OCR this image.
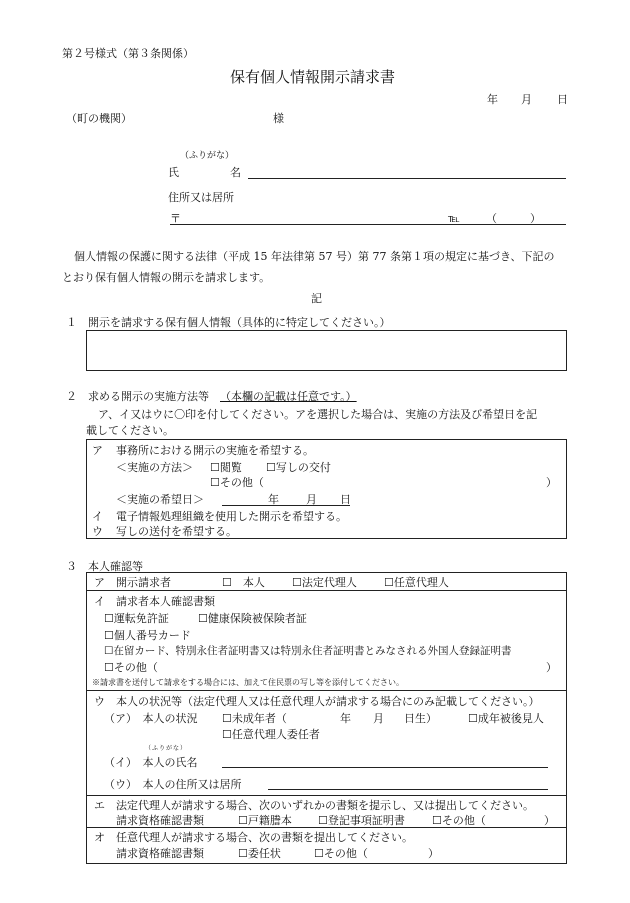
第２号様式（第３条関係）
保有個人情報開示請求書
年 月 日
（町の機関）	様
（ふりがな）
氏	名
住所又は居所
〒	℡ （	）
個人情報の保護に関する法律（平成 15 年法律第 57 号）第 77 条第１項の規定に基づき、下記の
とおり保有個人情報の開示を請求します。
記
１ 開示を請求する保有個人情報（具体的に特定してください。）
２ 求める開示の実施方法等 （本欄の記載は任意です。）
ア、イ又はウに〇印を付してください。アを選択した場合は、実施の方法及び希望日を記
載してください。
ア 事務所における開示の実施を希望する。
＜実施の方法＞ ☐閲覧 ☐写しの交付
☐その他（	）
＜実施の希望日＞	年 月 日
イ 電子情報処理組織を使用した開示を希望する。
ウ 写しの送付を希望する。
３ 本人確認等
ア 開示請求者	☐　本人 ☐法定代理人 ☐任意代理人
イ 請求者本人確認書類
☐運転免許証	☐健康保険被保険者証
☐個人番号カード
☐在留カード、特別永住者証明書又は特別永住者証明書とみなされる外国人登録証明書
☐その他（	）
※請求書を送付して請求をする場合には、加えて住民票の写し等を添付してください。
ウ 本人の状況等（法定代理人又は任意代理人が請求する場合にのみ記載してください。）
（ア）　本人の状況 ☐未成年者（	年 月 日生）	☐成年被後見人
☐任意代理人委任者
（ふりがな）
（イ）　本人の氏名
（ウ）　本人の住所又は居所
エ 法定代理人が請求する場合、次のいずれかの書類を提示し、又は提出してください。
請求資格確認書類	☐戸籍謄本 ☐登記事項証明書 ☐その他（	）
オ 任意代理人が請求する場合、次の書類を提出してください。
請求資格確認書類	☐委任状	☐その他（	）
